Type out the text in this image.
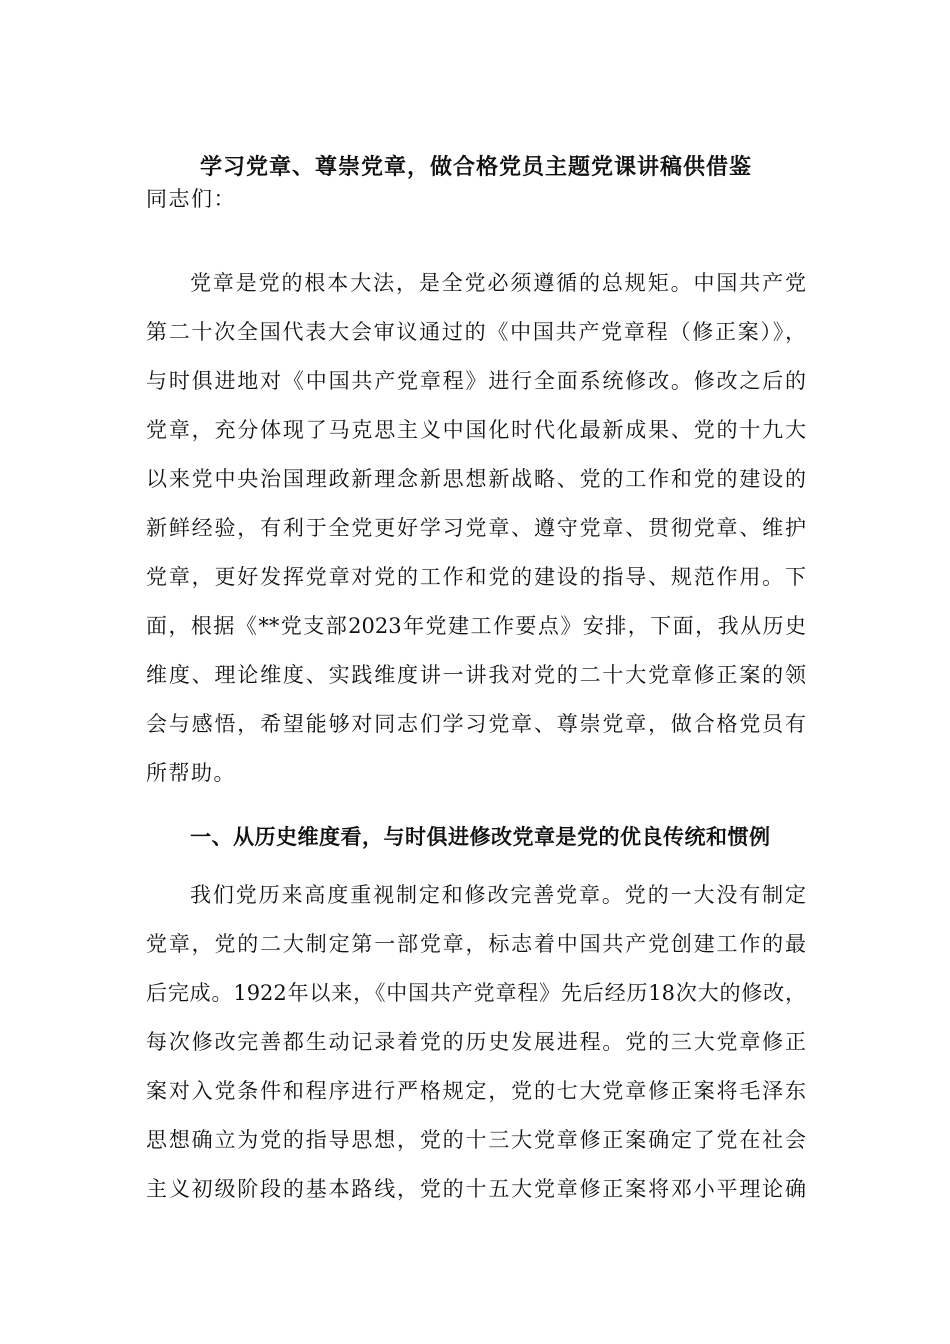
学习党章、尊崇党章，做合格党员主题党课讲稿供借鉴
同志们：
党章是党的根本大法，是全党必须遵循的总规矩。中国共产党
第二十次全国代表大会审议通过的《中国共产党章程（修正案）》，
与时俱进地对《中国共产党章程》进行全面系统修改。修改之后的
党章，充分体现了马克思主义中国化时代化最新成果、党的十九大
以来党中央治国理政新理念新思想新战略、党的工作和党的建设的
新鲜经验，有利于全党更好学习党章、遵守党章、贯彻党章、维护
党章，更好发挥党章对党的工作和党的建设的指导、规范作用。下
面，根据《**党支部2023年党建工作要点》安排，下面，我从历史
维度、理论维度、实践维度讲一讲我对党的二十大党章修正案的领
会与感悟，希望能够对同志们学习党章、尊崇党章，做合格党员有
所帮助。
一、从历史维度看，与时俱进修改党章是党的优良传统和惯例
我们党历来高度重视制定和修改完善党章。党的一大没有制定
党章，党的二大制定第一部党章，标志着中国共产党创建工作的最
后完成。1922年以来，《中国共产党章程》先后经历18次大的修改，
每次修改完善都生动记录着党的历史发展进程。党的三大党章修正
案对入党条件和程序进行严格规定，党的七大党章修正案将毛泽东
思想确立为党的指导思想，党的十三大党章修正案确定了党在社会
主义初级阶段的基本路线，党的十五大党章修正案将邓小平理论确
